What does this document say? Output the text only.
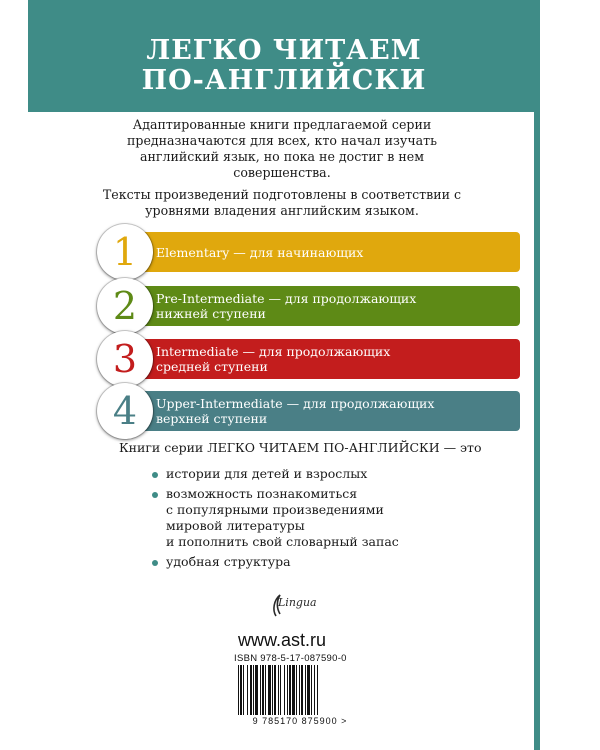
ЛЕГКО ЧИТАЕМ
ПО-АНГЛИЙСКИ

Адаптированные книги предлагаемой серии предназначаются для всех, кто начал изучать английский язык, но пока не достиг в нем совершенства.

Тексты произведений подготовлены в соответствии с уровнями владения английским языком.

Elementary — для начинающих
1
Pre-Intermediate — для продолжающих
нижней ступени
2
Intermediate — для продолжающих
средней ступени
3
Upper-Intermediate — для продолжающих
верхней ступени
4
Книги серии ЛЕГКО ЧИТАЕМ ПО-АНГЛИЙСКИ — это
истории для детей и взрослых
возможность познакомиться
с популярными произведениями
мировой литературы
и пополнить свой словарный запас
удобная структура
Lingua
www.ast.ru
ISBN 978-5-17-087590-0
9 785170 875900 >
